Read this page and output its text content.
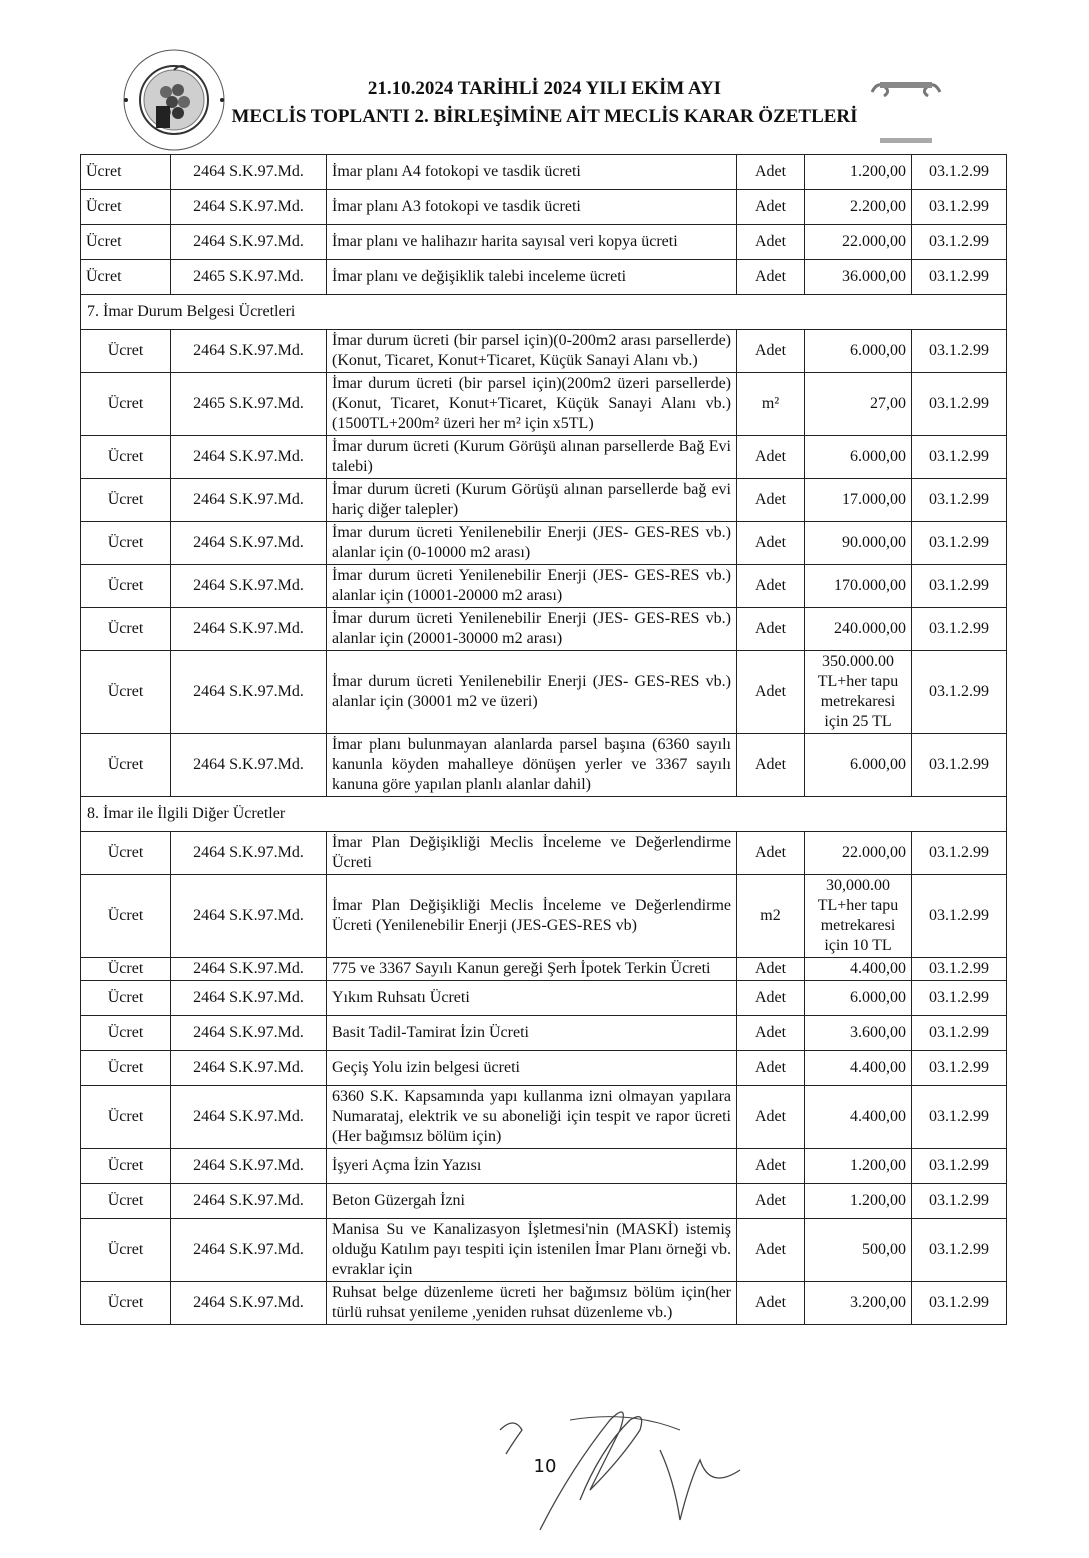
21.10.2024 TARİHLİ 2024 YILI EKİM AYI
MECLİS TOPLANTI 2. BİRLEŞİMİNE AİT MECLİS KARAR ÖZETLERİ
Ücret	2464 S.K.97.Md.	İmar planı A4 fotokopi ve tasdik ücreti	Adet	1.200,00	03.1.2.99
Ücret	2464 S.K.97.Md.	İmar planı A3 fotokopi ve tasdik ücreti	Adet	2.200,00	03.1.2.99
Ücret	2464 S.K.97.Md.	İmar planı ve halihazır harita sayısal veri kopya ücreti	Adet	22.000,00	03.1.2.99
Ücret	2465 S.K.97.Md.	İmar planı ve değişiklik talebi inceleme ücreti	Adet	36.000,00	03.1.2.99
7. İmar Durum Belgesi Ücretleri					
Ücret	2464 S.K.97.Md.	İmar durum ücreti (bir parsel için)(0-200m2 arası parsellerde) (Konut, Ticaret, Konut+Ticaret, Küçük Sanayi Alanı vb.)	Adet	6.000,00	03.1.2.99
Ücret	2465 S.K.97.Md.	İmar durum ücreti (bir parsel için)(200m2 üzeri parsellerde) (Konut, Ticaret, Konut+Ticaret, Küçük Sanayi Alanı vb.) (1500TL+200m² üzeri her m² için x5TL)	m²	27,00	03.1.2.99
Ücret	2464 S.K.97.Md.	İmar durum ücreti (Kurum Görüşü alınan parsellerde Bağ Evi talebi)	Adet	6.000,00	03.1.2.99
Ücret	2464 S.K.97.Md.	İmar durum ücreti (Kurum Görüşü alınan parsellerde bağ evi hariç diğer talepler)	Adet	17.000,00	03.1.2.99
Ücret	2464 S.K.97.Md.	İmar durum ücreti Yenilenebilir Enerji (JES- GES-RES vb.) alanlar için (0-10000 m2 arası)	Adet	90.000,00	03.1.2.99
Ücret	2464 S.K.97.Md.	İmar durum ücreti Yenilenebilir Enerji (JES- GES-RES vb.) alanlar için (10001-20000 m2 arası)	Adet	170.000,00	03.1.2.99
Ücret	2464 S.K.97.Md.	İmar durum ücreti Yenilenebilir Enerji (JES- GES-RES vb.) alanlar için (20001-30000 m2 arası)	Adet	240.000,00	03.1.2.99
Ücret	2464 S.K.97.Md.	İmar durum ücreti Yenilenebilir Enerji (JES- GES-RES vb.) alanlar için (30001 m2 ve üzeri)	Adet	350.000.00 TL+her tapu metrekaresi için 25 TL	03.1.2.99
Ücret	2464 S.K.97.Md.	İmar planı bulunmayan alanlarda parsel başına (6360 sayılı kanunla köyden mahalleye dönüşen yerler ve 3367 sayılı kanuna göre yapılan planlı alanlar dahil)	Adet	6.000,00	03.1.2.99
8. İmar ile İlgili Diğer Ücretler					
Ücret	2464 S.K.97.Md.	İmar Plan Değişikliği Meclis İnceleme ve Değerlendirme Ücreti	Adet	22.000,00	03.1.2.99
Ücret	2464 S.K.97.Md.	İmar Plan Değişikliği Meclis İnceleme ve Değerlendirme Ücreti (Yenilenebilir Enerji (JES-GES-RES vb)	m2	30,000.00 TL+her tapu metrekaresi için 10 TL	03.1.2.99
Ücret	2464 S.K.97.Md.	775 ve 3367 Sayılı Kanun gereği Şerh İpotek Terkin Ücreti	Adet	4.400,00	03.1.2.99
Ücret	2464 S.K.97.Md.	Yıkım Ruhsatı Ücreti	Adet	6.000,00	03.1.2.99
Ücret	2464 S.K.97.Md.	Basit Tadil-Tamirat İzin Ücreti	Adet	3.600,00	03.1.2.99
Ücret	2464 S.K.97.Md.	Geçiş Yolu izin belgesi ücreti	Adet	4.400,00	03.1.2.99
Ücret	2464 S.K.97.Md.	6360 S.K. Kapsamında yapı kullanma izni olmayan yapılara Numarataj, elektrik ve su aboneliği için tespit ve rapor ücreti (Her bağımsız bölüm için)	Adet	4.400,00	03.1.2.99
Ücret	2464 S.K.97.Md.	İşyeri Açma İzin Yazısı	Adet	1.200,00	03.1.2.99
Ücret	2464 S.K.97.Md.	Beton Güzergah İzni	Adet	1.200,00	03.1.2.99
Ücret	2464 S.K.97.Md.	Manisa Su ve Kanalizasyon İşletmesi'nin (MASKİ) istemiş olduğu Katılım payı tespiti için istenilen İmar Planı örneği vb. evraklar için	Adet	500,00	03.1.2.99
Ücret	2464 S.K.97.Md.	Ruhsat belge düzenleme ücreti her bağımsız bölüm için(her türlü ruhsat yenileme ,yeniden ruhsat düzenleme vb.)	Adet	3.200,00	03.1.2.99
10
